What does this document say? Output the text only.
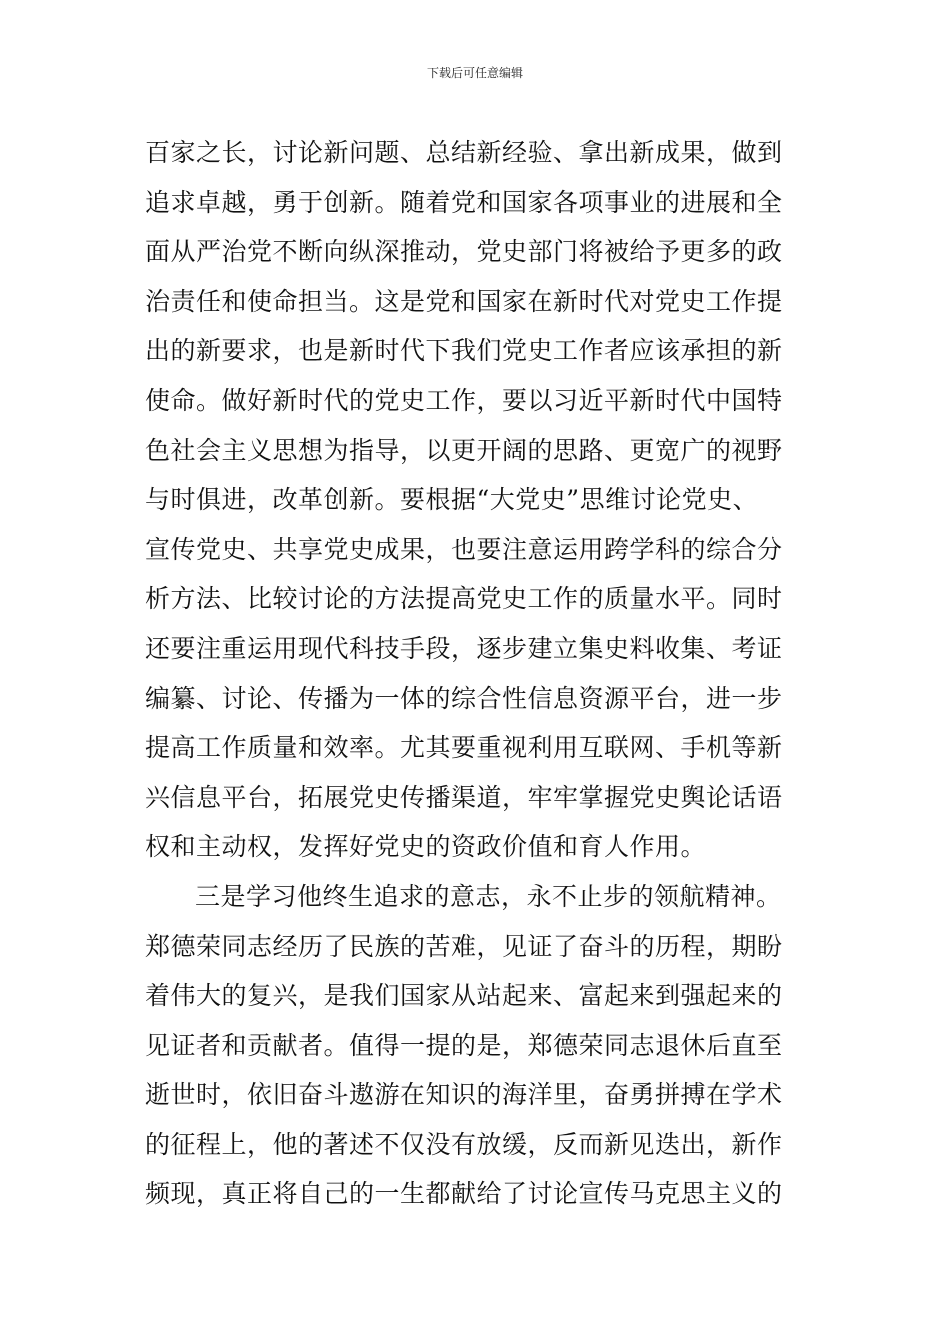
下载后可任意编辑
百家之长，讨论新问题、总结新经验、拿出新成果，做到
追求卓越，勇于创新。随着党和国家各项事业的进展和全
面从严治党不断向纵深推动，党史部门将被给予更多的政
治责任和使命担当。这是党和国家在新时代对党史工作提
出的新要求，也是新时代下我们党史工作者应该承担的新
使命。做好新时代的党史工作，要以习近平新时代中国特
色社会主义思想为指导，以更开阔的思路、更宽广的视野
与时俱进，改革创新。要根据“大党史”思维讨论党史、
宣传党史、共享党史成果，也要注意运用跨学科的综合分
析方法、比较讨论的方法提高党史工作的质量水平。同时
还要注重运用现代科技手段，逐步建立集史料收集、考证
编纂、讨论、传播为一体的综合性信息资源平台，进一步
提高工作质量和效率。尤其要重视利用互联网、手机等新
兴信息平台，拓展党史传播渠道，牢牢掌握党史舆论话语
权和主动权，发挥好党史的资政价值和育人作用。
三是学习他终生追求的意志，永不止步的领航精神。
郑德荣同志经历了民族的苦难，见证了奋斗的历程，期盼
着伟大的复兴，是我们国家从站起来、富起来到强起来的
见证者和贡献者。值得一提的是，郑德荣同志退休后直至
逝世时，依旧奋斗遨游在知识的海洋里，奋勇拼搏在学术
的征程上，他的著述不仅没有放缓，反而新见迭出，新作
频现，真正将自己的一生都献给了讨论宣传马克思主义的
